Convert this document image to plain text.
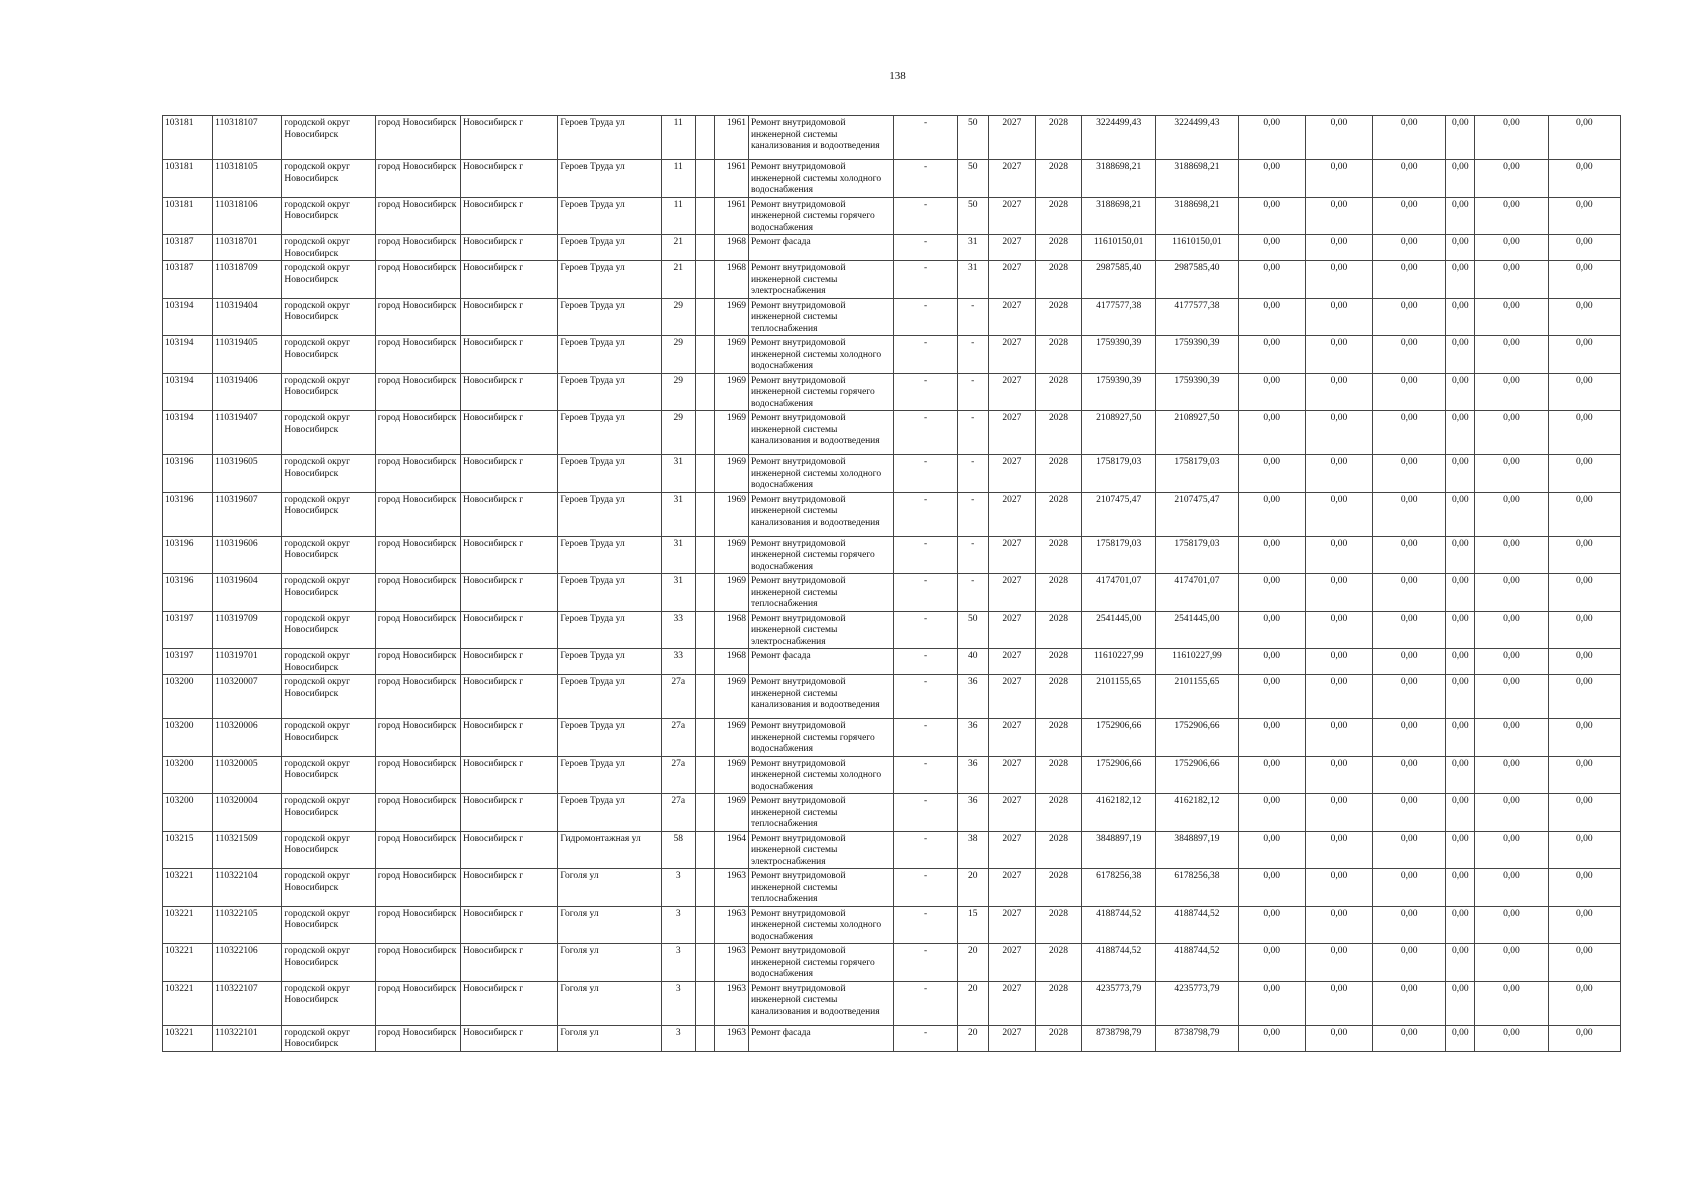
138
103181	110318107	городской округ Новосибирск	город Новосибирск	Новосибирск г	Героев Труда ул	11		1961	Ремонт внутридомовой инженерной системы канализования и водоотведения	-	50	2027	2028	3224499,43	3224499,43	0,00	0,00	0,00	0,00	0,00	0,00
103181	110318105	городской округ Новосибирск	город Новосибирск	Новосибирск г	Героев Труда ул	11		1961	Ремонт внутридомовой инженерной системы холодного водоснабжения	-	50	2027	2028	3188698,21	3188698,21	0,00	0,00	0,00	0,00	0,00	0,00
103181	110318106	городской округ Новосибирск	город Новосибирск	Новосибирск г	Героев Труда ул	11		1961	Ремонт внутридомовой инженерной системы горячего водоснабжения	-	50	2027	2028	3188698,21	3188698,21	0,00	0,00	0,00	0,00	0,00	0,00
103187	110318701	городской округ Новосибирск	город Новосибирск	Новосибирск г	Героев Труда ул	21		1968	Ремонт фасада	-	31	2027	2028	11610150,01	11610150,01	0,00	0,00	0,00	0,00	0,00	0,00
103187	110318709	городской округ Новосибирск	город Новосибирск	Новосибирск г	Героев Труда ул	21		1968	Ремонт внутридомовой инженерной системы электроснабжения	-	31	2027	2028	2987585,40	2987585,40	0,00	0,00	0,00	0,00	0,00	0,00
103194	110319404	городской округ Новосибирск	город Новосибирск	Новосибирск г	Героев Труда ул	29		1969	Ремонт внутридомовой инженерной системы теплоснабжения	-	-	2027	2028	4177577,38	4177577,38	0,00	0,00	0,00	0,00	0,00	0,00
103194	110319405	городской округ Новосибирск	город Новосибирск	Новосибирск г	Героев Труда ул	29		1969	Ремонт внутридомовой инженерной системы холодного водоснабжения	-	-	2027	2028	1759390,39	1759390,39	0,00	0,00	0,00	0,00	0,00	0,00
103194	110319406	городской округ Новосибирск	город Новосибирск	Новосибирск г	Героев Труда ул	29		1969	Ремонт внутридомовой инженерной системы горячего водоснабжения	-	-	2027	2028	1759390,39	1759390,39	0,00	0,00	0,00	0,00	0,00	0,00
103194	110319407	городской округ Новосибирск	город Новосибирск	Новосибирск г	Героев Труда ул	29		1969	Ремонт внутридомовой инженерной системы канализования и водоотведения	-	-	2027	2028	2108927,50	2108927,50	0,00	0,00	0,00	0,00	0,00	0,00
103196	110319605	городской округ Новосибирск	город Новосибирск	Новосибирск г	Героев Труда ул	31		1969	Ремонт внутридомовой инженерной системы холодного водоснабжения	-	-	2027	2028	1758179,03	1758179,03	0,00	0,00	0,00	0,00	0,00	0,00
103196	110319607	городской округ Новосибирск	город Новосибирск	Новосибирск г	Героев Труда ул	31		1969	Ремонт внутридомовой инженерной системы канализования и водоотведения	-	-	2027	2028	2107475,47	2107475,47	0,00	0,00	0,00	0,00	0,00	0,00
103196	110319606	городской округ Новосибирск	город Новосибирск	Новосибирск г	Героев Труда ул	31		1969	Ремонт внутридомовой инженерной системы горячего водоснабжения	-	-	2027	2028	1758179,03	1758179,03	0,00	0,00	0,00	0,00	0,00	0,00
103196	110319604	городской округ Новосибирск	город Новосибирск	Новосибирск г	Героев Труда ул	31		1969	Ремонт внутридомовой инженерной системы теплоснабжения	-	-	2027	2028	4174701,07	4174701,07	0,00	0,00	0,00	0,00	0,00	0,00
103197	110319709	городской округ Новосибирск	город Новосибирск	Новосибирск г	Героев Труда ул	33		1968	Ремонт внутридомовой инженерной системы электроснабжения	-	50	2027	2028	2541445,00	2541445,00	0,00	0,00	0,00	0,00	0,00	0,00
103197	110319701	городской округ Новосибирск	город Новосибирск	Новосибирск г	Героев Труда ул	33		1968	Ремонт фасада	-	40	2027	2028	11610227,99	11610227,99	0,00	0,00	0,00	0,00	0,00	0,00
103200	110320007	городской округ Новосибирск	город Новосибирск	Новосибирск г	Героев Труда ул	27а		1969	Ремонт внутридомовой инженерной системы канализования и водоотведения	-	36	2027	2028	2101155,65	2101155,65	0,00	0,00	0,00	0,00	0,00	0,00
103200	110320006	городской округ Новосибирск	город Новосибирск	Новосибирск г	Героев Труда ул	27а		1969	Ремонт внутридомовой инженерной системы горячего водоснабжения	-	36	2027	2028	1752906,66	1752906,66	0,00	0,00	0,00	0,00	0,00	0,00
103200	110320005	городской округ Новосибирск	город Новосибирск	Новосибирск г	Героев Труда ул	27а		1969	Ремонт внутридомовой инженерной системы холодного водоснабжения	-	36	2027	2028	1752906,66	1752906,66	0,00	0,00	0,00	0,00	0,00	0,00
103200	110320004	городской округ Новосибирск	город Новосибирск	Новосибирск г	Героев Труда ул	27а		1969	Ремонт внутридомовой инженерной системы теплоснабжения	-	36	2027	2028	4162182,12	4162182,12	0,00	0,00	0,00	0,00	0,00	0,00
103215	110321509	городской округ Новосибирск	город Новосибирск	Новосибирск г	Гидромонтажная ул	58		1964	Ремонт внутридомовой инженерной системы электроснабжения	-	38	2027	2028	3848897,19	3848897,19	0,00	0,00	0,00	0,00	0,00	0,00
103221	110322104	городской округ Новосибирск	город Новосибирск	Новосибирск г	Гоголя ул	3		1963	Ремонт внутридомовой инженерной системы теплоснабжения	-	20	2027	2028	6178256,38	6178256,38	0,00	0,00	0,00	0,00	0,00	0,00
103221	110322105	городской округ Новосибирск	город Новосибирск	Новосибирск г	Гоголя ул	3		1963	Ремонт внутридомовой инженерной системы холодного водоснабжения	-	15	2027	2028	4188744,52	4188744,52	0,00	0,00	0,00	0,00	0,00	0,00
103221	110322106	городской округ Новосибирск	город Новосибирск	Новосибирск г	Гоголя ул	3		1963	Ремонт внутридомовой инженерной системы горячего водоснабжения	-	20	2027	2028	4188744,52	4188744,52	0,00	0,00	0,00	0,00	0,00	0,00
103221	110322107	городской округ Новосибирск	город Новосибирск	Новосибирск г	Гоголя ул	3		1963	Ремонт внутридомовой инженерной системы канализования и водоотведения	-	20	2027	2028	4235773,79	4235773,79	0,00	0,00	0,00	0,00	0,00	0,00
103221	110322101	городской округ Новосибирск	город Новосибирск	Новосибирск г	Гоголя ул	3		1963	Ремонт фасада	-	20	2027	2028	8738798,79	8738798,79	0,00	0,00	0,00	0,00	0,00	0,00
